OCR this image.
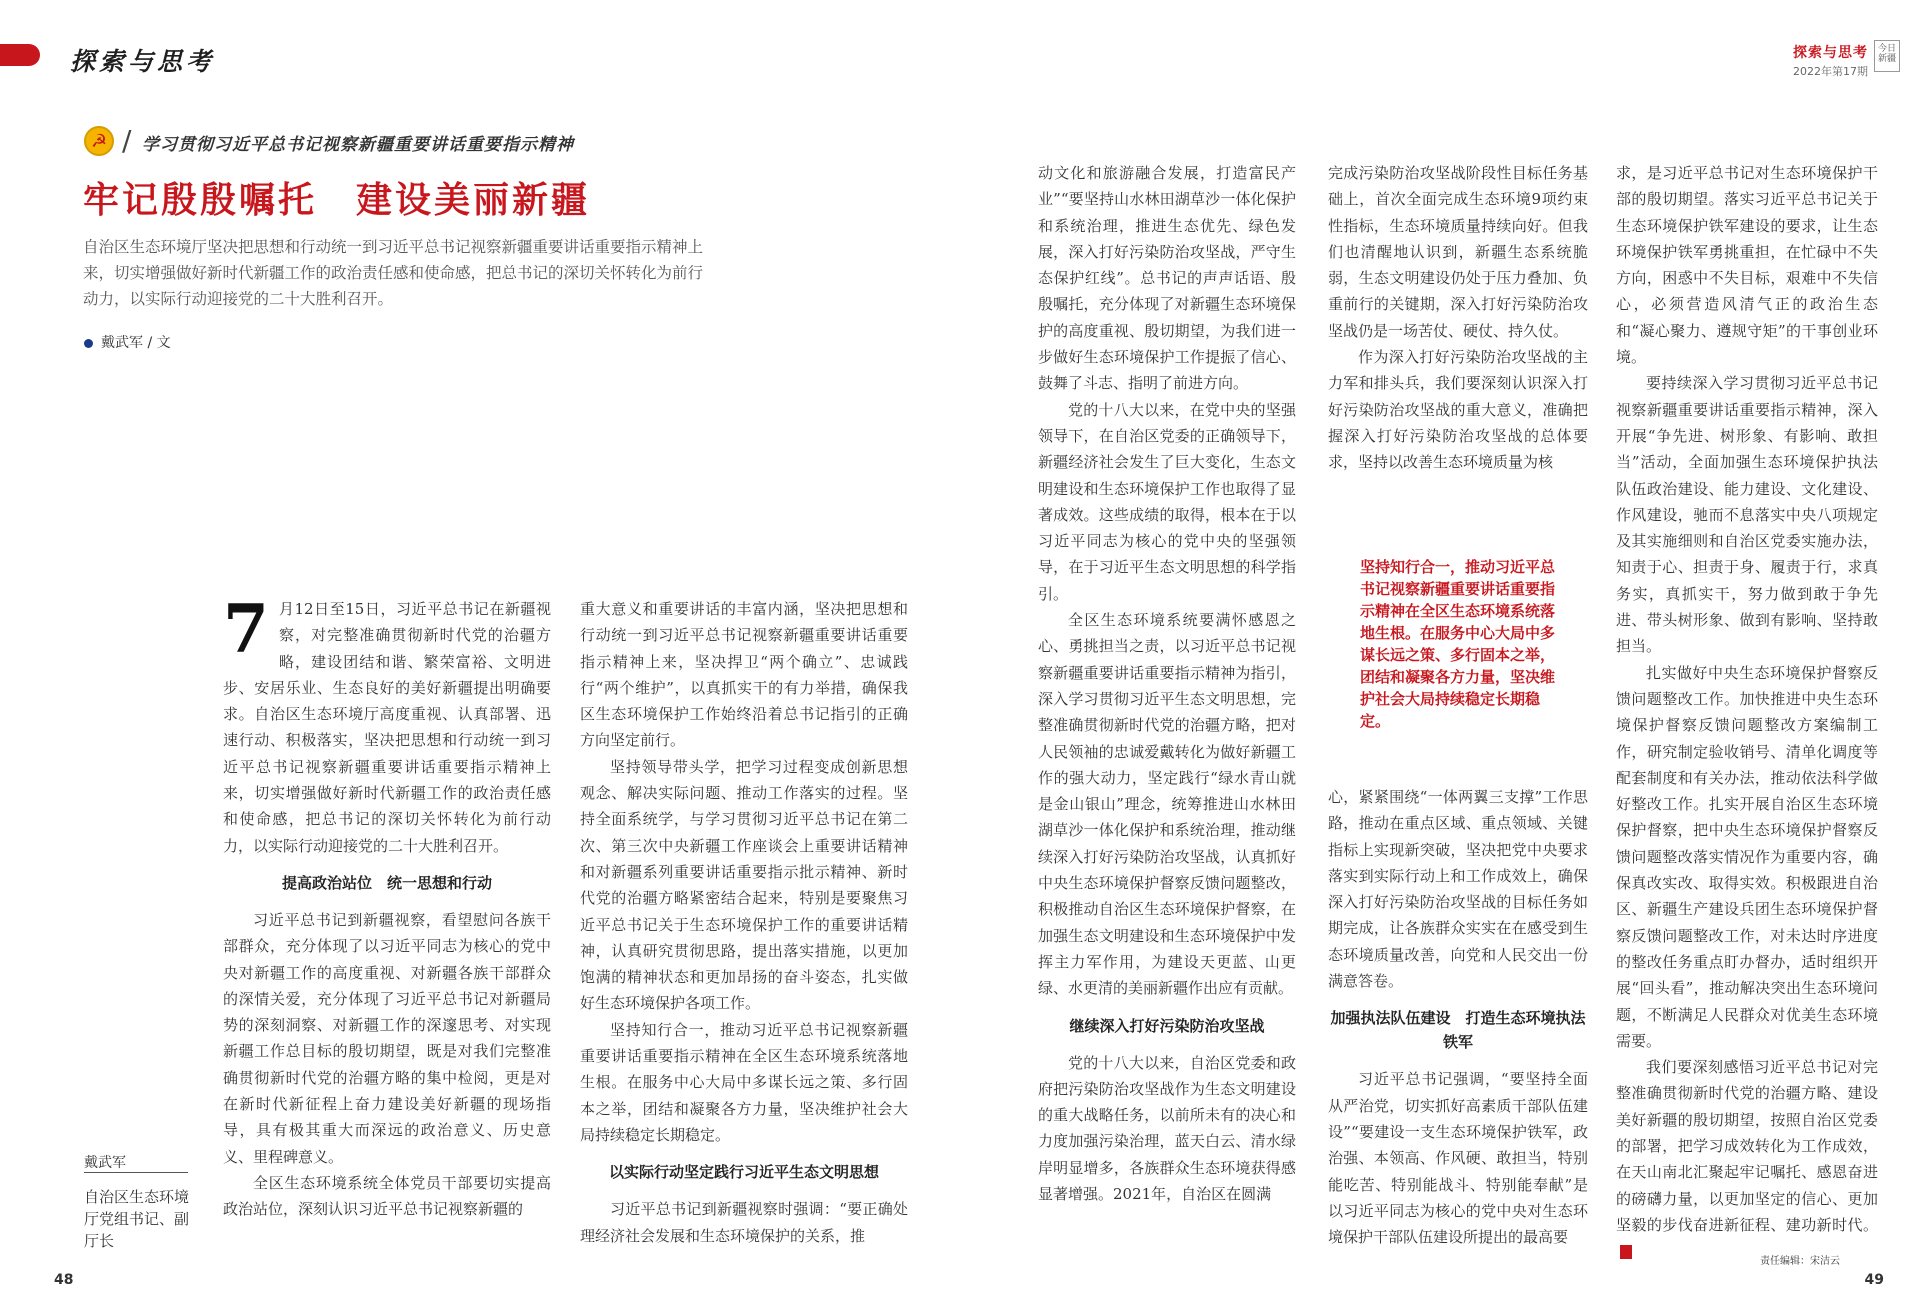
探索与思考	探索与思考
2022年第17期
今日新疆
☭ / 学习贯彻习近平总书记视察新疆重要讲话重要指示精神
牢记殷殷嘱托　建设美丽新疆
自治区生态环境厅坚决把思想和行动统一到习近平总书记视察新疆重要讲话重要指示精神上来，切实增强做好新时代新疆工作的政治责任感和使命感，把总书记的深切关怀转化为前行动力，以实际行动迎接党的二十大胜利召开。
戴武军 / 文
7 月12日至15日，习近平总书记在新疆视察，对完整准确贯彻新时代党的治疆方略，建设团结和谐、繁荣富裕、文明进步、安居乐业、生态良好的美好新疆提出明确要求。自治区生态环境厅高度重视、认真部署、迅速行动、积极落实，坚决把思想和行动统一到习近平总书记视察新疆重要讲话重要指示精神上来，切实增强做好新时代新疆工作的政治责任感和使命感，把总书记的深切关怀转化为前行动力，以实际行动迎接党的二十大胜利召开。

提高政治站位　统一思想和行动

习近平总书记到新疆视察，看望慰问各族干部群众，充分体现了以习近平同志为核心的党中央对新疆工作的高度重视、对新疆各族干部群众的深情关爱，充分体现了习近平总书记对新疆局势的深刻洞察、对新疆工作的深邃思考、对实现新疆工作总目标的殷切期望，既是对我们完整准确贯彻新时代党的治疆方略的集中检阅，更是对在新时代新征程上奋力建设美好新疆的现场指导，具有极其重大而深远的政治意义、历史意义、里程碑意义。

全区生态环境系统全体党员干部要切实提高政治站位，深刻认识习近平总书记视察新疆的

重大意义和重要讲话的丰富内涵，坚决把思想和行动统一到习近平总书记视察新疆重要讲话重要指示精神上来，坚决捍卫“两个确立”、忠诚践行“两个维护”，以真抓实干的有力举措，确保我区生态环境保护工作始终沿着总书记指引的正确方向坚定前行。

坚持领导带头学，把学习过程变成创新思想观念、解决实际问题、推动工作落实的过程。坚持全面系统学，与学习贯彻习近平总书记在第二次、第三次中央新疆工作座谈会上重要讲话精神和对新疆系列重要讲话重要指示批示精神、新时代党的治疆方略紧密结合起来，特别是要聚焦习近平总书记关于生态环境保护工作的重要讲话精神，认真研究贯彻思路，提出落实措施，以更加饱满的精神状态和更加昂扬的奋斗姿态，扎实做好生态环境保护各项工作。

坚持知行合一，推动习近平总书记视察新疆重要讲话重要指示精神在全区生态环境系统落地生根。在服务中心大局中多谋长远之策、多行固本之举，团结和凝聚各方力量，坚决维护社会大局持续稳定长期稳定。

以实际行动坚定践行习近平生态文明思想

习近平总书记到新疆视察时强调：“要正确处理经济社会发展和生态环境保护的关系，推

动文化和旅游融合发展，打造富民产业”“要坚持山水林田湖草沙一体化保护和系统治理，推进生态优先、绿色发展，深入打好污染防治攻坚战，严守生态保护红线”。总书记的声声话语、殷殷嘱托，充分体现了对新疆生态环境保护的高度重视、殷切期望，为我们进一步做好生态环境保护工作提振了信心、鼓舞了斗志、指明了前进方向。

党的十八大以来，在党中央的坚强领导下，在自治区党委的正确领导下，新疆经济社会发生了巨大变化，生态文明建设和生态环境保护工作也取得了显著成效。这些成绩的取得，根本在于以习近平同志为核心的党中央的坚强领导，在于习近平生态文明思想的科学指引。

全区生态环境系统要满怀感恩之心、勇挑担当之责，以习近平总书记视察新疆重要讲话重要指示精神为指引，深入学习贯彻习近平生态文明思想，完整准确贯彻新时代党的治疆方略，把对人民领袖的忠诚爱戴转化为做好新疆工作的强大动力，坚定践行“绿水青山就是金山银山”理念，统筹推进山水林田湖草沙一体化保护和系统治理，推动继续深入打好污染防治攻坚战，认真抓好中央生态环境保护督察反馈问题整改，积极推动自治区生态环境保护督察，在加强生态文明建设和生态环境保护中发挥主力军作用，为建设天更蓝、山更绿、水更清的美丽新疆作出应有贡献。

继续深入打好污染防治攻坚战

党的十八大以来，自治区党委和政府把污染防治攻坚战作为生态文明建设的重大战略任务，以前所未有的决心和力度加强污染治理，蓝天白云、清水绿岸明显增多，各族群众生态环境获得感显著增强。2021年，自治区在圆满

完成污染防治攻坚战阶段性目标任务基础上，首次全面完成生态环境9项约束性指标，生态环境质量持续向好。但我们也清醒地认识到，新疆生态系统脆弱，生态文明建设仍处于压力叠加、负重前行的关键期，深入打好污染防治攻坚战仍是一场苦仗、硬仗、持久仗。

作为深入打好污染防治攻坚战的主力军和排头兵，我们要深刻认识深入打好污染防治攻坚战的重大意义，准确把握深入打好污染防治攻坚战的总体要求，坚持以改善生态环境质量为核

坚持知行合一，推动习近平总书记视察新疆重要讲话重要指示精神在全区生态环境系统落地生根。在服务中心大局中多谋长远之策、多行固本之举，团结和凝聚各方力量，坚决维护社会大局持续稳定长期稳定。

心，紧紧围绕“一体两翼三支撑”工作思路，推动在重点区域、重点领域、关键指标上实现新突破，坚决把党中央要求落实到实际行动上和工作成效上，确保深入打好污染防治攻坚战的目标任务如期完成，让各族群众实实在在感受到生态环境质量改善，向党和人民交出一份满意答卷。

加强执法队伍建设　打造生态环境执法铁军

习近平总书记强调，“要坚持全面从严治党，切实抓好高素质干部队伍建设”“要建设一支生态环境保护铁军，政治强、本领高、作风硬、敢担当，特别能吃苦、特别能战斗、特别能奉献”是以习近平同志为核心的党中央对生态环境保护干部队伍建设所提出的最高要

求，是习近平总书记对生态环境保护干部的殷切期望。落实习近平总书记关于生态环境保护铁军建设的要求，让生态环境保护铁军勇挑重担，在忙碌中不失方向，困惑中不失目标，艰难中不失信心，必须营造风清气正的政治生态和“凝心聚力、遵规守矩”的干事创业环境。

要持续深入学习贯彻习近平总书记视察新疆重要讲话重要指示精神，深入开展“争先进、树形象、有影响、敢担当”活动，全面加强生态环境保护执法队伍政治建设、能力建设、文化建设、作风建设，驰而不息落实中央八项规定及其实施细则和自治区党委实施办法，知责于心、担责于身、履责于行，求真务实，真抓实干，努力做到敢于争先进、带头树形象、做到有影响、坚持敢担当。

扎实做好中央生态环境保护督察反馈问题整改工作。加快推进中央生态环境保护督察反馈问题整改方案编制工作，研究制定验收销号、清单化调度等配套制度和有关办法，推动依法科学做好整改工作。扎实开展自治区生态环境保护督察，把中央生态环境保护督察反馈问题整改落实情况作为重要内容，确保真改实改、取得实效。积极跟进自治区、新疆生产建设兵团生态环境保护督察反馈问题整改工作，对未达时序进度的整改任务重点盯办督办，适时组织开展“回头看”，推动解决突出生态环境问题，不断满足人民群众对优美生态环境需要。

我们要深刻感悟习近平总书记对完整准确贯彻新时代党的治疆方略、建设美好新疆的殷切期望，按照自治区党委的部署，把学习成效转化为工作成效，在天山南北汇聚起牢记嘱托、感恩奋进的磅礴力量，以更加坚定的信心、更加坚毅的步伐奋进新征程、建功新时代。J

戴武军
自治区生态环境厅党组书记、副厅长
48
责任编辑：宋洁云
49
